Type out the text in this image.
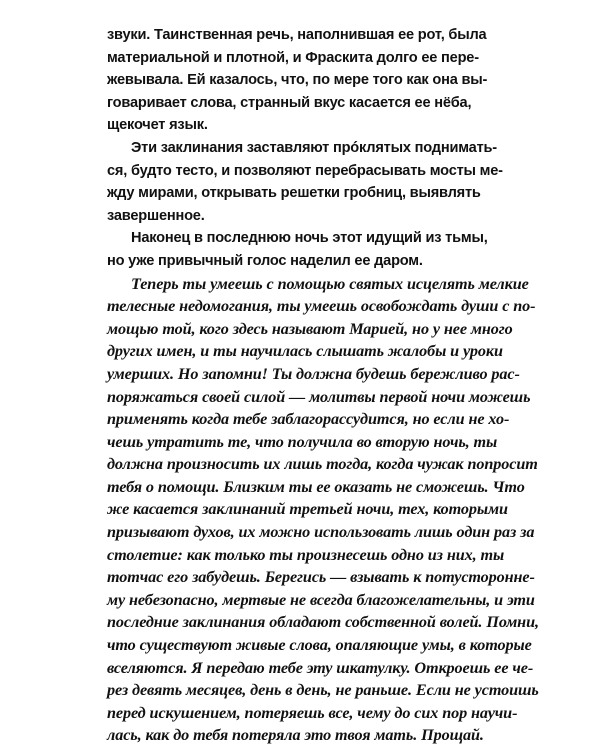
звуки. Таинственная речь, наполнившая ее рот, была
материальной и плотной, и Фраскита долго ее пере-
жевывала. Ей казалось, что, по мере того как она вы-
говаривает слова, странный вкус касается ее нёба,
щекочет язык.
Эти заклинания заставляют прóклятых поднимать-
ся, будто тесто, и позволяют перебрасывать мосты ме-
жду мирами, открывать решетки гробниц, выявлять
завершенное.
Наконец в последнюю ночь этот идущий из тьмы,
но уже привычный голос наделил ее даром.
Теперь ты умеешь с помощью святых исцелять мелкие
телесные недомогания, ты умеешь освобождать души с по-
мощью той, кого здесь называют Марией, но у нее много
других имен, и ты научилась слышать жалобы и уроки
умерших. Но запомни! Ты должна будешь бережливо рас-
поряжаться своей силой — молитвы первой ночи можешь
применять когда тебе заблагорассудится, но если не хо-
чешь утратить те, что получила во вторую ночь, ты
должна произносить их лишь тогда, когда чужак попросит
тебя о помощи. Близким ты ее оказать не сможешь. Что
же касается заклинаний третьей ночи, тех, которыми
призывают духов, их можно использовать лишь один раз за
столетие: как только ты произнесешь одно из них, ты
тотчас его забудешь. Берегись — взывать к потусторонне-
му небезопасно, мертвые не всегда благожелательны, и эти
последние заклинания обладают собственной волей. Помни,
что существуют живые слова, опаляющие умы, в которые
вселяются. Я передаю тебе эту шкатулку. Откроешь ее че-
рез девять месяцев, день в день, не раньше. Если не устоишь
перед искушением, потеряешь все, чему до сих пор научи-
лась, как до тебя потеряла это твоя мать. Прощай.
